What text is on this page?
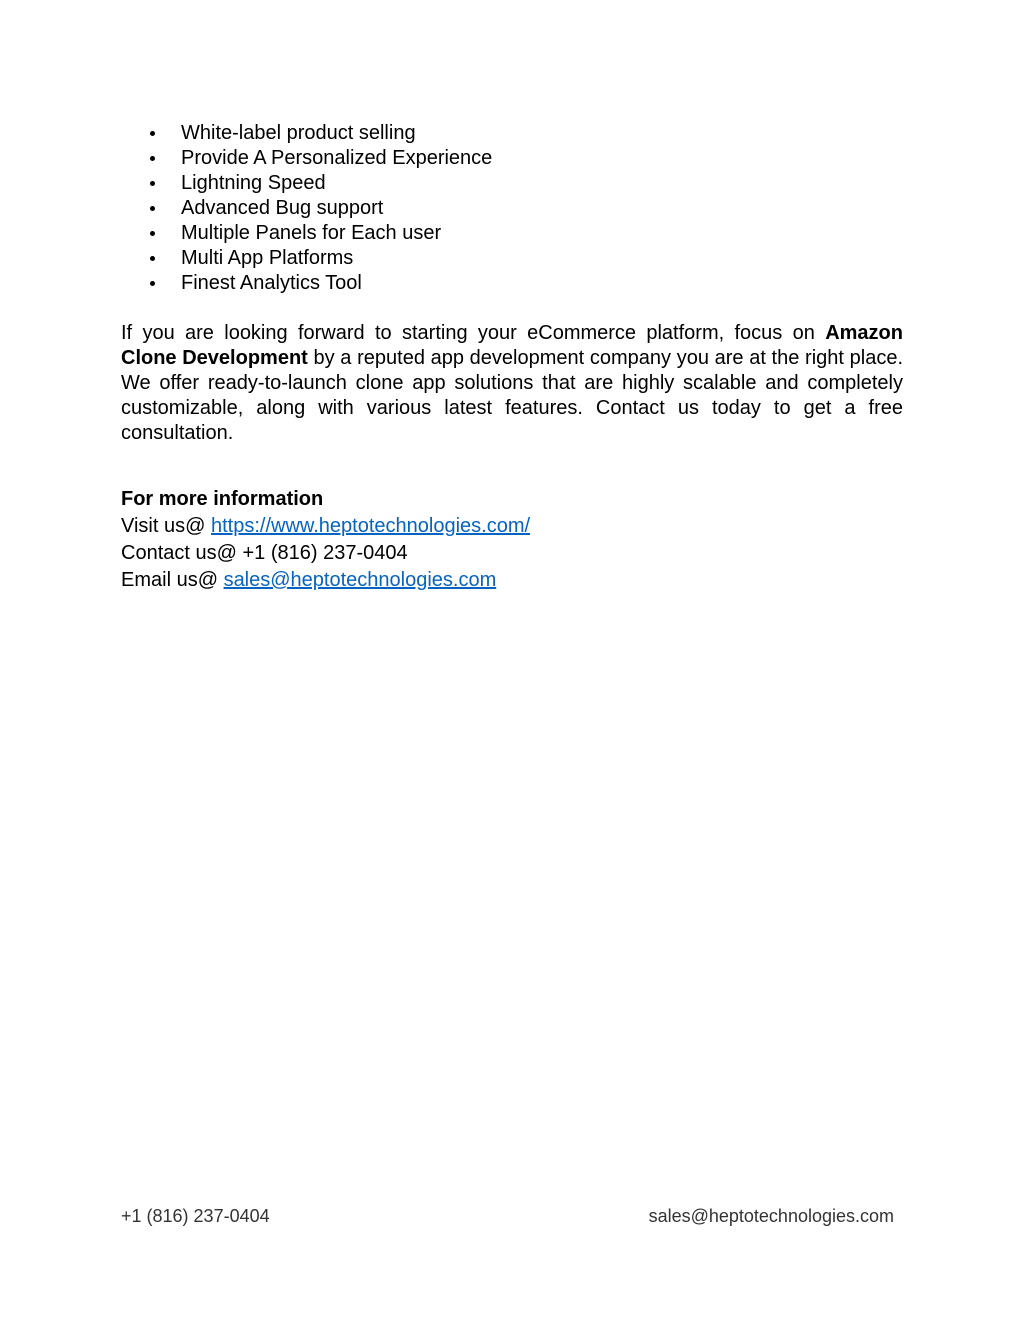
White-label product selling
Provide A Personalized Experience
Lightning Speed
Advanced Bug support
Multiple Panels for Each user
Multi App Platforms
Finest Analytics Tool

If you are looking forward to starting your eCommerce platform, focus on Amazon Clone Development by a reputed app development company you are at the right place. We offer ready-to-launch clone app solutions that are highly scalable and completely customizable, along with various latest features. Contact us today to get a free consultation.

For more information
Visit us@ https://www.heptotechnologies.com/
Contact us@ +1 (816) 237-0404
Email us@ sales@heptotechnologies.com
+1 (816) 237-0404	sales@heptotechnologies.com
